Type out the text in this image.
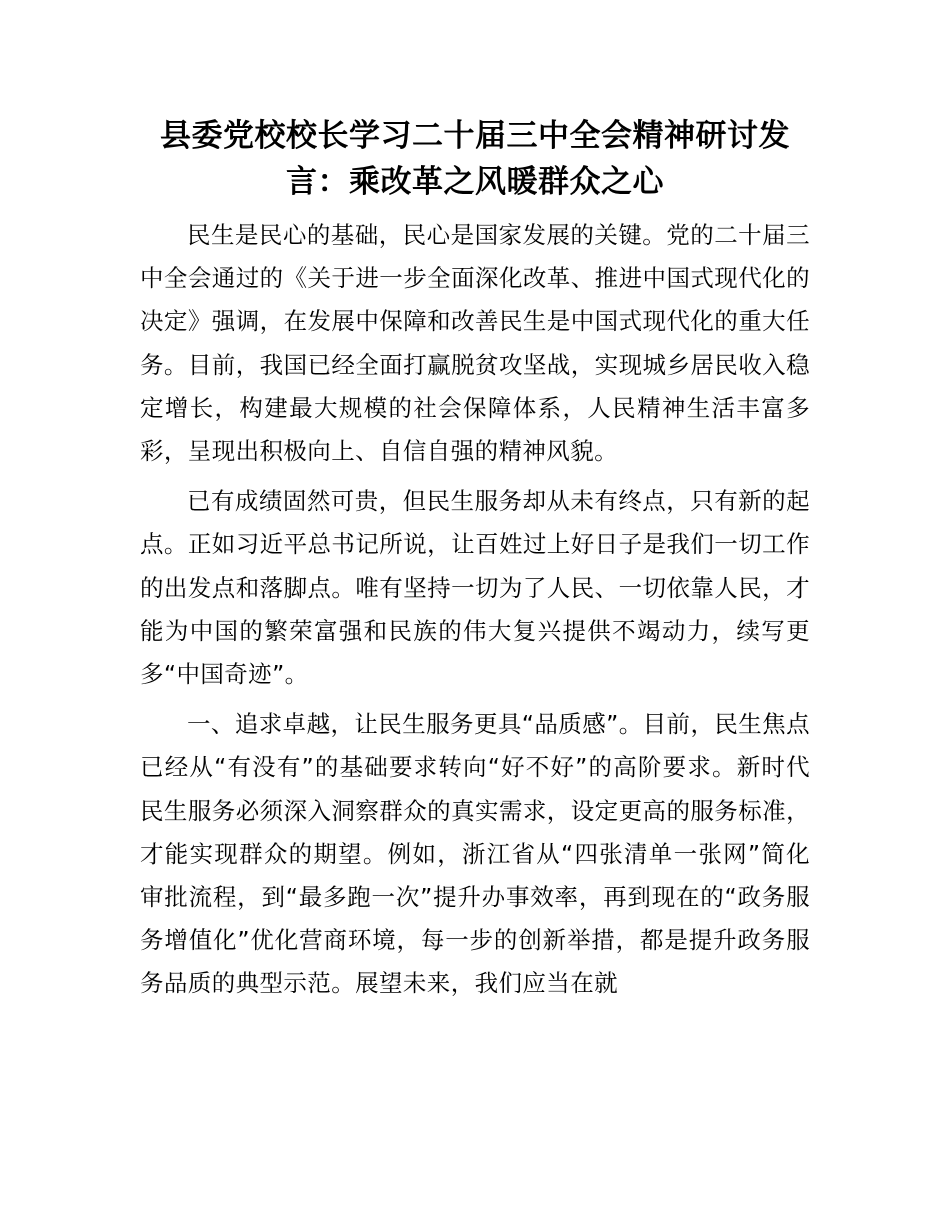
县委党校校长学习二十届三中全会精神研讨发言：乘改革之风暖群众之心

民生是民心的基础，民心是国家发展的关键。党的二十届三中全会通过的《关于进一步全面深化改革、推进中国式现代化的决定》强调，在发展中保障和改善民生是中国式现代化的重大任务。目前，我国已经全面打赢脱贫攻坚战，实现城乡居民收入稳定增长，构建最大规模的社会保障体系，人民精神生活丰富多彩，呈现出积极向上、自信自强的精神风貌。

已有成绩固然可贵，但民生服务却从未有终点，只有新的起点。正如习近平总书记所说，让百姓过上好日子是我们一切工作的出发点和落脚点。唯有坚持一切为了人民、一切依靠人民，才能为中国的繁荣富强和民族的伟大复兴提供不竭动力，续写更多“中国奇迹”。

一、追求卓越，让民生服务更具“品质感”。目前，民生焦点已经从“有没有”的基础要求转向“好不好”的高阶要求。新时代民生服务必须深入洞察群众的真实需求，设定更高的服务标准，才能实现群众的期望。例如，浙江省从“四张清单一张网”简化审批流程，到“最多跑一次”提升办事效率，再到现在的“政务服务增值化”优化营商环境，每一步的创新举措，都是提升政务服务品质的典型示范。展望未来，我们应当在就
